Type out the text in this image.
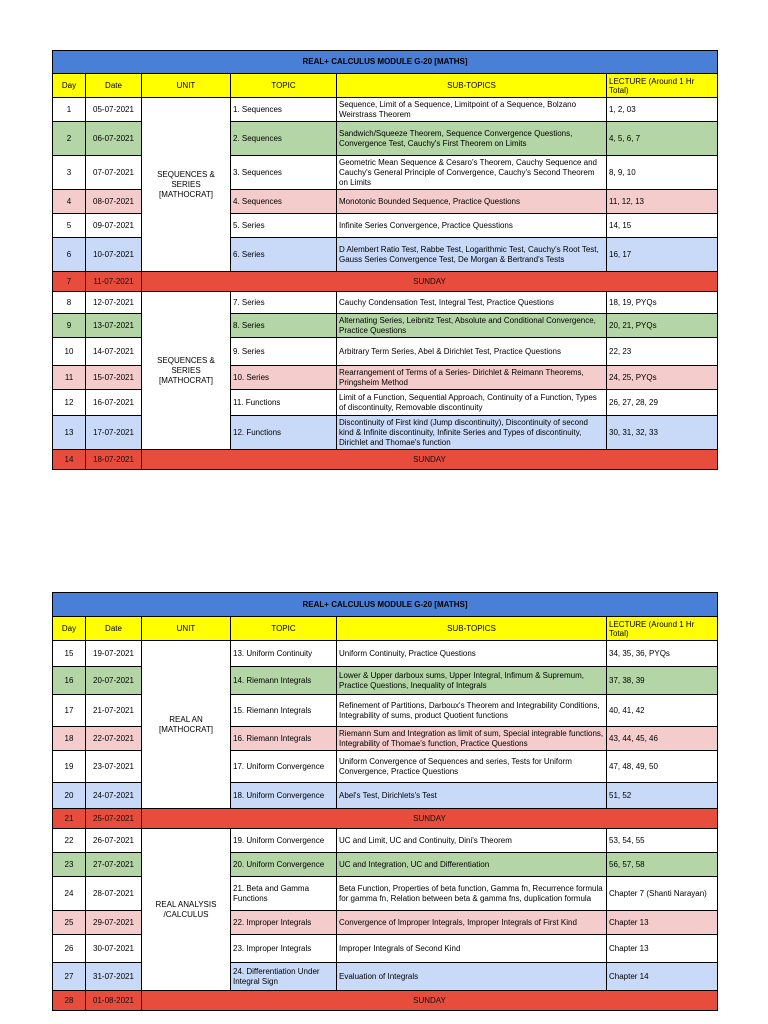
REAL+ CALCULUS MODULE G-20 [MATHS]					
Day	Date	UNIT	TOPIC	SUB-TOPICS	LECTURE (Around 1 Hr Total)
1	05-07-2021	SEQUENCES & SERIES [MATHOCRAT]	1. Sequences	Sequence, Limit of a Sequence, Limitpoint of a Sequence, Bolzano Weirstrass Theorem	1, 2, 03
2	06-07-2021		2. Sequences	Sandwich/Squeeze Theorem, Sequence Convergence Questions, Convergence Test, Cauchy's First Theorem on Limits	4, 5, 6, 7
3	07-07-2021		3. Sequences	Geometric Mean Sequence & Cesaro's Theorem, Cauchy Sequence and Cauchy's General Principle of Convergence, Cauchy's Second Theorem on Limits	8, 9, 10
4	08-07-2021		4. Sequences	Monotonic Bounded Sequence, Practice Questions	11, 12, 13
5	09-07-2021		5. Series	Infinite Series Convergence, Practice Quesstions	14, 15
6	10-07-2021		6. Series	D Alembert Ratio Test, Rabbe Test, Logarithmic Test, Cauchy's Root Test, Gauss Series Convergence Test, De Morgan & Bertrand's Tests	16, 17
7	11-07-2021	SUNDAY			
8	12-07-2021	SEQUENCES & SERIES [MATHOCRAT]	7. Series	Cauchy Condensation Test, Integral Test, Practice Questions	18, 19, PYQs
9	13-07-2021		8. Series	Alternating Series, Leibnitz Test, Absolute and Conditional Convergence, Practice Questions	20, 21, PYQs
10	14-07-2021		9. Series	Arbitrary Term Series, Abel & Dirichlet Test, Practice Questions	22, 23
11	15-07-2021		10. Series	Rearrangement of Terms of a Series- Dirichlet & Reimann Theorems, Pringsheim Method	24, 25, PYQs
12	16-07-2021		11. Functions	Limit of a Function, Sequential Approach, Continuity of a Function, Types of discontinuity, Removable discontinuity	26, 27, 28, 29
13	17-07-2021		12. Functions	Discontinuity of First kind (Jump discontinuity), Discontinuity of second kind & Infinite discontinuity, Infinite Series and Types of discontinuity, Dirichlet and Thomae's function	30, 31, 32, 33
14	18-07-2021	SUNDAY			
REAL+ CALCULUS MODULE G-20 [MATHS]					
Day	Date	UNIT	TOPIC	SUB-TOPICS	LECTURE (Around 1 Hr Total)
15	19-07-2021	REAL AN [MATHOCRAT]	13. Uniform Continuity	Uniform Continuity, Practice Questions	34, 35, 36, PYQs
16	20-07-2021		14. Riemann Integrals	Lower & Upper darboux sums, Upper Integral, Infimum & Supremum, Practice Questions, Inequality of Integrals	37, 38, 39
17	21-07-2021		15. Riemann Integrals	Refinement of Partitions, Darboux's Theorem and Integrability Conditions, Integrability of sums, product Quotient functions	40, 41, 42
18	22-07-2021		16. Riemann Integrals	Riemann Sum and Integration as limit of sum, Special integrable functions, Integrability of Thomae's function, Practice Questions	43, 44, 45, 46
19	23-07-2021		17. Uniform Convergence	Uniform Convergence of Sequences and series, Tests for Uniform Convergence, Practice Questions	47, 48, 49, 50
20	24-07-2021		18. Uniform Convergence	Abel's Test, Dirichlets's Test	51, 52
21	25-07-2021	SUNDAY			
22	26-07-2021	REAL ANALYSIS /CALCULUS	19. Uniform Convergence	UC and Limit, UC and Continuity, Dini's Theorem	53, 54, 55
23	27-07-2021		20. Uniform Convergence	UC and Integration, UC and Differentiation	56, 57, 58
24	28-07-2021		21. Beta and Gamma Functions	Beta Function, Properties of beta function, Gamma fn, Recurrence formula for gamma fn, Relation between beta & gamma fns, duplication formula	Chapter 7 (Shanti Narayan)
25	29-07-2021		22. Improper Integrals	Convergence of Improper Integrals, Improper Integrals of First Kind	Chapter 13
26	30-07-2021		23. Improper Integrals	Improper Integrals of Second Kind	Chapter 13
27	31-07-2021		24. Differentiation Under Integral Sign	Evaluation of Integrals	Chapter 14
28	01-08-2021	SUNDAY			
